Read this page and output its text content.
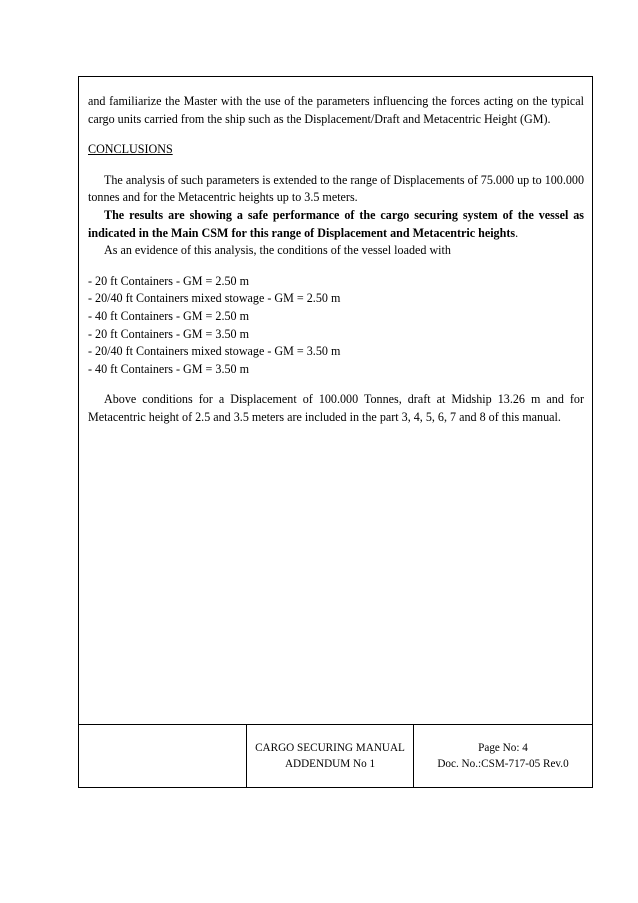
and familiarize the Master with the use of the parameters influencing the forces acting on the typical cargo units carried from the ship such as the Displacement/Draft and Metacentric Height (GM).

CONCLUSIONS

The analysis of such parameters is extended to the range of Displacements of 75.000 up to 100.000 tonnes and for the Metacentric heights up to 3.5 meters.

The results are showing a safe performance of the cargo securing system of the vessel as indicated in the Main CSM for this range of Displacement and Metacentric heights.

As an evidence of this analysis, the conditions of the vessel loaded with

- 20 ft Containers - GM = 2.50 m

- 20/40 ft Containers mixed stowage - GM = 2.50 m

- 40 ft Containers - GM = 2.50 m

- 20 ft Containers - GM = 3.50 m

- 20/40 ft Containers mixed stowage - GM = 3.50 m

- 40 ft Containers - GM = 3.50 m

Above conditions for a Displacement of 100.000 Tonnes, draft at Midship 13.26 m and for Metacentric height of 2.5 and 3.5 meters are included in the part 3, 4, 5, 6, 7 and 8 of this manual.

CARGO SECURING MANUAL
ADDENDUM No 1
Page No: 4
Doc. No.:CSM-717-05 Rev.0
